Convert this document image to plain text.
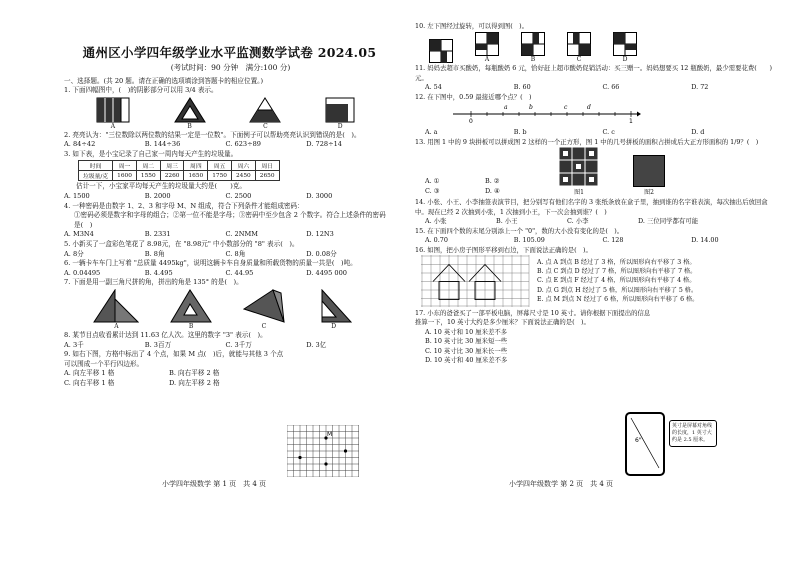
通州区小学四年级学业水平监测数学试卷 2024.05
(考试时间：90 分钟　满分:100 分)
一、选择题。(共 20 题。请在正确的选项填涂到答题卡的相应位置。)
1. 下面四幅图中，(　)的阴影部分可以用 3/4 表示。
A	B	C	D
2. 亮亮认为："三位数除以两位数的结果一定是一位数"。下面例子可以帮助亮亮认识到错误的是(　)。
A. 84÷42	B. 144÷36	C. 623÷89	D. 728÷14
3. 如下表，是小宝记录了自己家一周内每天产生的垃圾量。
时间	周一	周二	周三	周四	周五	周六	周日
垃圾量/克	1600	1550	2260	1650	1750	2450	2650
估计一下，小宝家平均每天产生的垃圾量大约是(　　)克。
A. 1500	B. 2000	C. 2500	D. 3000
4. 一种密码是由数字 1、2、3 和字母 M、N 组成，符合下列条件才能组成密码：
①密码必须是数字和字母的组合；②第一位不能是字母；③密码中至少包含 2 个数字。符合上述条件的密码是(　)
A. M3N4	B. 2331	C. 2NMM	D. 12N3
5. 小新买了一盒彩色笔花了 8.98元，在 "8.98元" 中小数部分的 "8" 表示(　)。
A. 8分	B. 8角	C. 8角	D. 0.08分
6. 一辆卡车车门上写着 "总质量 4495kg"，说明这辆卡车自身质量和所载货物的质量一共是(　)吨。
A. 0.04495	B. 4.495	C. 44.95	D. 4495 000
7. 下面是用一副三角尺拼的角，拼出的角是 135° 的是(　)。
A	B	C	D
8. 某节目点收看累计达到 11.63 亿人次。这里的数字 "3" 表示(　)。
A. 3千	B. 3百万	C. 3千万	D. 3亿
9. 如右下图，方格中标出了 4 个点，如果 M 点(　)后，就能与其他 3 个点可以围成一个平行四边形。
A. 向左平移 1 格	B. 向右平移 2 格
C. 向右平移 1 格	D. 向左平移 2 格
M
小学四年级数学 第 1 页　共 4 页
10. 左下图经过旋转，可以得到图(　)。
A	B	C	D
11. 妈妈去超市买酸奶，每瓶酸奶 6 元，恰好赶上超市酸奶促销活动：买三赠一。妈妈想要买 12 瓶酸奶，最少需要花费(　　)元。
A. 54	B. 60	C. 66	D. 72
12. 在下图中，0.59 最接近哪个点？(　)
a	b	c	d
0	1
A. a	B. b	C. c	D. d
13. 用图 1 中的 9 块拼板可以拼成图 2 这样的一个正方形，图 1 中的几号拼板的面积占拼成后大正方形面积的 1/9？(　)
A. ①	B. ②
C. ③	D. ④	图1	图2
14. 小张、小王、小李抽签表演节目，把分别写有他们名字的 3 张纸条放在盒子里，抽到谁的名字谁表演，每次抽出后放回盒中。现在已经 2 次抽到小张，1 次抽到小王，下一次会抽到谁？(　)
A. 小张	B. 小王	C. 小李	D. 三位同学都有可能
15. 在下面四个数的末尾分别添上一个 "0"，数的大小没有变化的是(　)。
A. 0.70	B. 105.09	C. 128	D. 14.00
16. 如图，把小房子图形平移到右边，下面说法正确的是(　)。
A. 点 A 到点 B 经过了 3 格，所以图形向右平移了 3 格。
B. 点 C 到点 D 经过了 7 格，所以图形向右平移了 7 格。
C. 点 E 到点 F 经过了 4 格，所以图形向右平移了 4 格。
D. 点 G 到点 H 经过了 5 格，所以图形向右平移了 5 格。
E. 点 M 到点 N 经过了 6 格，所以图形向右平移了 6 格。
17. 小东的爸爸买了一部平板电脑，屏幕尺寸是 10 英寸。请你根据下面提出的信息推算一下，10 英寸大约是多少厘米？下面说法正确的是(　)。
A. 10 英寸和 10 厘米差不多
B. 10 英寸比 30 厘米短一些
C. 10 英寸比 30 厘米长一些
D. 10 英寸和 40 厘米差不多
6"
英寸是屏幕对角线的长度，1 英寸大约是 2.5 厘米。
小学四年级数学 第 2 页　共 4 页
